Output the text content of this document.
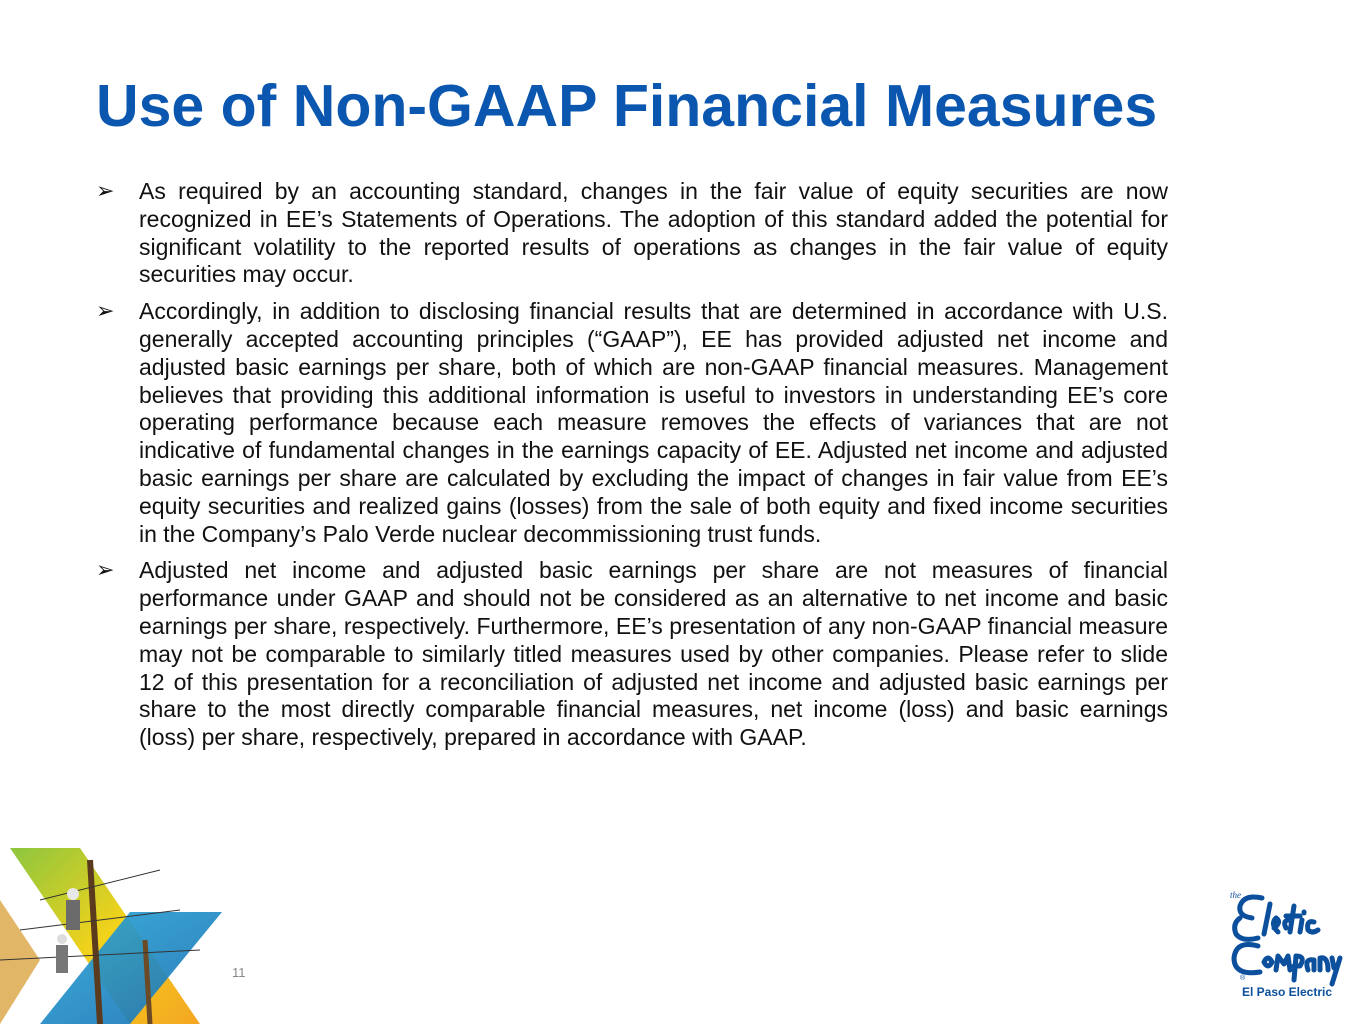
Use of Non-GAAP Financial Measures
➢ As required by an accounting standard, changes in the fair value of equity securities are now recognized in EE’s Statements of Operations. The adoption of this standard added the potential for significant volatility to the reported results of operations as changes in the fair value of equity securities may occur.
➢ Accordingly, in addition to disclosing financial results that are determined in accordance with U.S. generally accepted accounting principles (“GAAP”), EE has provided adjusted net income and adjusted basic earnings per share, both of which are non-GAAP financial measures. Management believes that providing this additional information is useful to investors in understanding EE’s core operating performance because each measure removes the effects of variances that are not indicative of fundamental changes in the earnings capacity of EE. Adjusted net income and adjusted basic earnings per share are calculated by excluding the impact of changes in fair value from EE’s equity securities and realized gains (losses) from the sale of both equity and fixed income securities in the Company’s Palo Verde nuclear decommissioning trust funds.
➢ Adjusted net income and adjusted basic earnings per share are not measures of financial performance under GAAP and should not be considered as an alternative to net income and basic earnings per share, respectively. Furthermore, EE’s presentation of any non-GAAP financial measure may not be comparable to similarly titled measures used by other companies. Please refer to slide 12 of this presentation for a reconciliation of adjusted net income and adjusted basic earnings per share to the most directly comparable financial measures, net income (loss) and basic earnings (loss) per share, respectively, prepared in accordance with GAAP.
11
the
®
El Paso Electric
